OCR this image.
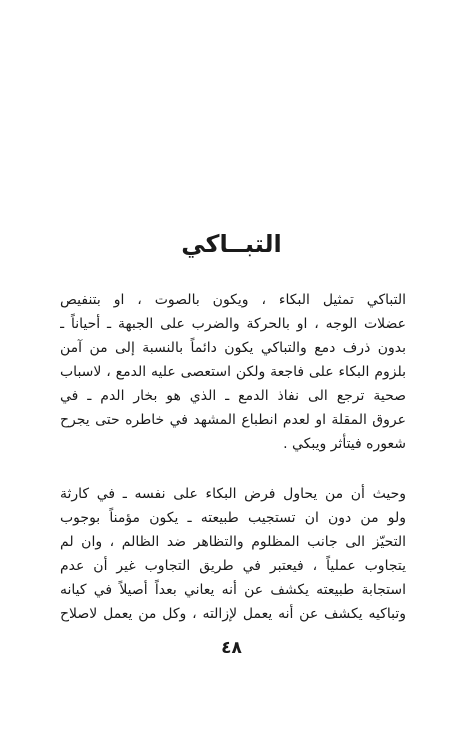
التبــاكي
التباكي تمثيل البكاء ، ويكون بالصوت ، او بتنفيص
عضلات الوجه ، او بالحركة والضرب على الجبهة ـ أحياناً ـ
بدون ذرف دمع والتباكي يكون دائماً بالنسبة إلى من آمن
بلزوم البكاء على فاجعة ولكن استعصى عليه الدمع ، لاسباب
صحية ترجع الى نفاذ الدمع ـ الذي هو بخار الدم ـ في
عروق المقلة او لعدم انطباع المشهد في خاطره حتى يجرح
شعوره فيتأثر ويبكي .
وحيث أن من يحاول فرض البكاء على نفسه ـ في كارثة
ولو من دون ان تستجيب طبيعته ـ يكون مؤمناً بوجوب
التحيّز الى جانب المظلوم والتظاهر ضد الظالم ، وان لم
يتجاوب عملياً ، فيعتبر في طريق التجاوب غير أن عدم
استجابة طبيعته يكشف عن أنه يعاني بعداً أصيلاً في كيانه
وتباكيه يكشف عن أنه يعمل لإزالته ، وكل من يعمل لاصلاح
٤٨
